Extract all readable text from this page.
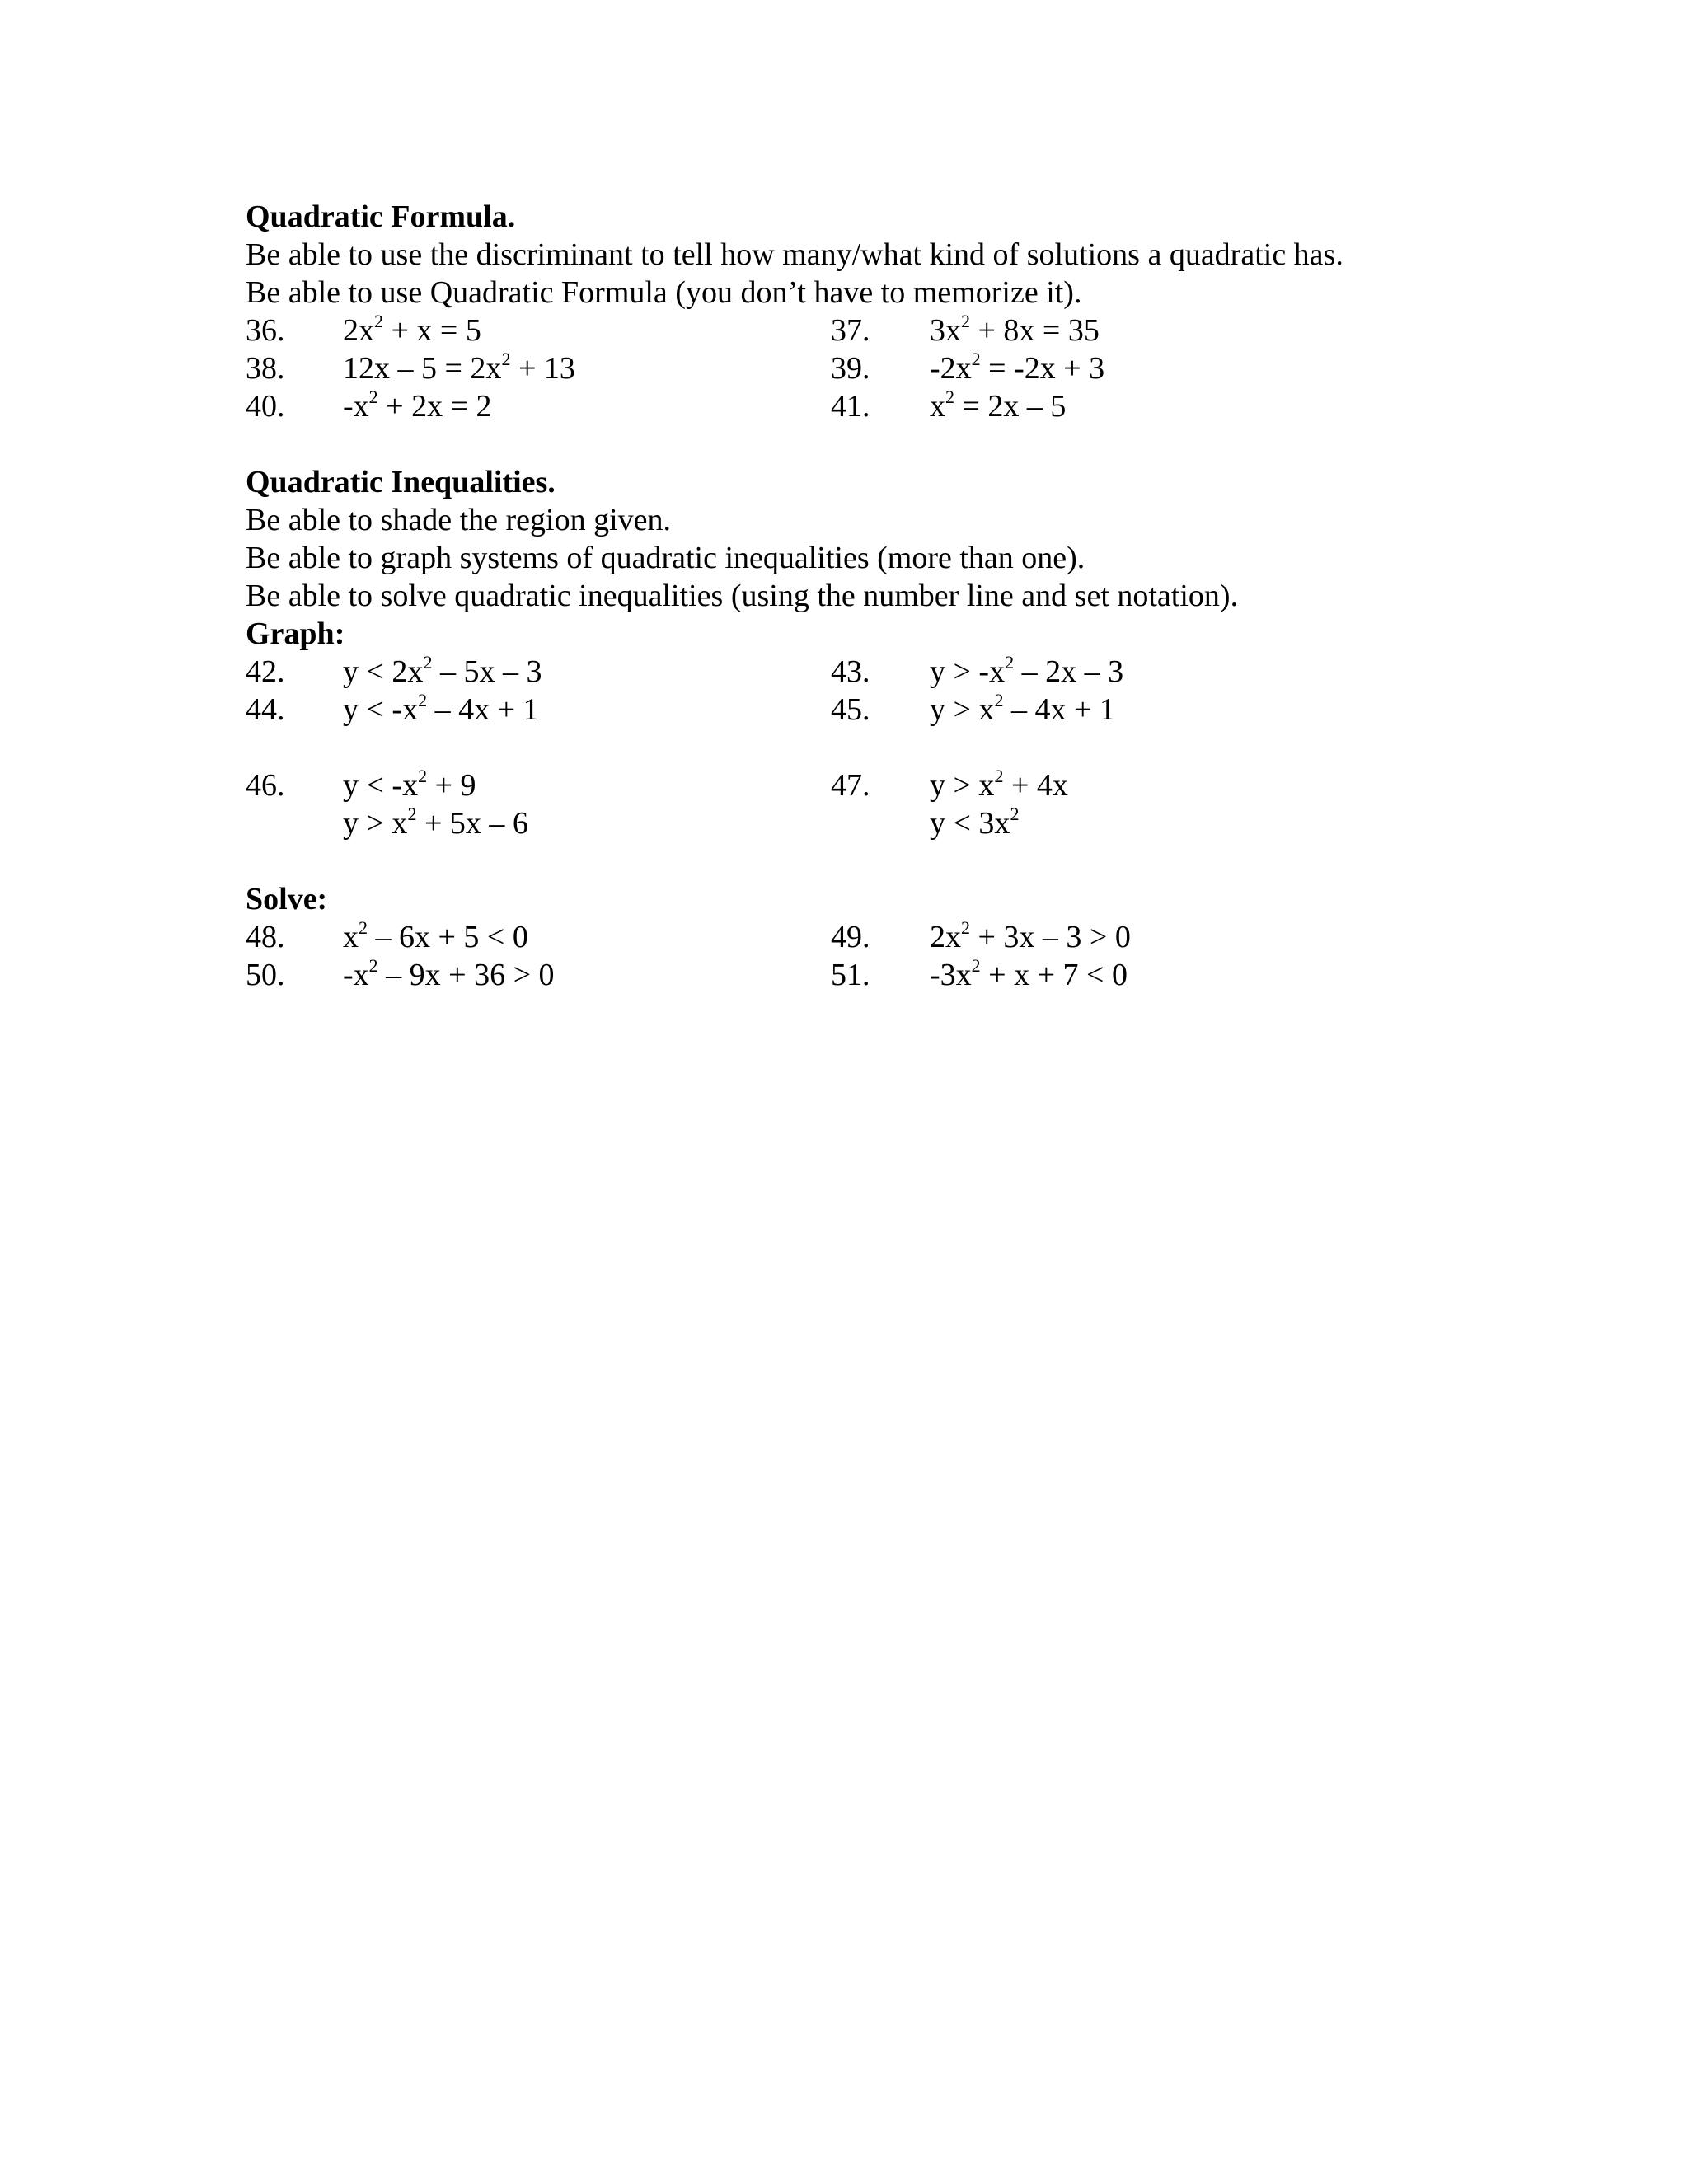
Quadratic Formula.
Be able to use the discriminant to tell how many/what kind of solutions a quadratic has.
Be able to use Quadratic Formula (you don’t have to memorize it).
36. $2x^2 + x = 5$	37. $3x^2 + 8x = 35$
38. $12x - 5 = 2x^2 + 13$	39. $-2x^2 = -2x + 3$
40. $-x^2 + 2x = 2$	41. $x^2 = 2x - 5$
Quadratic Inequalities.
Be able to shade the region given.
Be able to graph systems of quadratic inequalities (more than one).
Be able to solve quadratic inequalities (using the number line and set notation).
Graph:
42. $y < 2x^2 - 5x - 3$	43. $y > -x^2 - 2x - 3$
44. $y < -x^2 - 4x + 1$	45. $y > x^2 - 4x + 1$
46. $y < -x^2 + 9$	47. $y > x^2 + 4x$
$y > x^2 + 5x - 6$	$y < 3x^2$
Solve:
48. $x^2 - 6x + 5 < 0$	49. $2x^2 + 3x - 3 > 0$
50. $-x^2 - 9x + 36 > 0$	51. $-3x^2 + x + 7 < 0$
